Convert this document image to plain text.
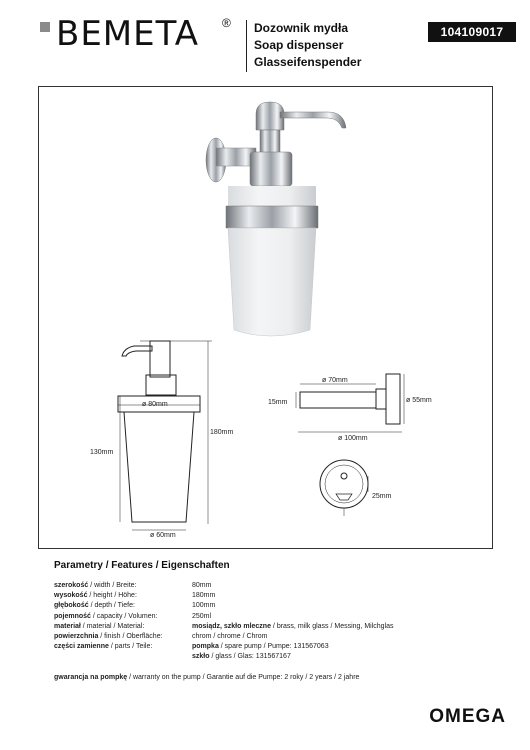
BEMETA ® Dozownik mydła
Soap dispenser
Glasseifenspender
104109017
ø 80mm
180mm
130mm
ø 60mm
ø 70mm
15mm	ø 55mm
ø 100mm
25mm
Parametry / Features / Eigenschaften
szerokość / width / Breite:	80mm
wysokość / height / Höhe:	180mm
głębokość / depth / Tiefe:	100mm
pojemność / capacity / Volumen:	250ml
materiał / material / Material:	mosiądz, szkło mleczne / brass, milk glass / Messing, Milchglas
powierzchnia / finish / Oberfläche:	chrom / chrome / Chrom
części zamienne / parts / Teile:	pompka / spare pump / Pumpe: 131567063
szkło / glass / Glas: 131567167
gwarancja na pompkę / warranty on the pump / Garantie auf die Pumpe: 2 roky / 2 years / 2 jahre
OMEGA
